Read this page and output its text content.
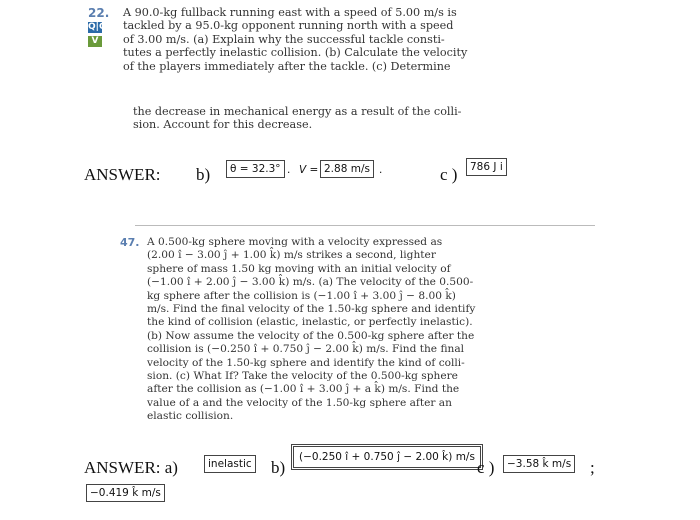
22.
Q|C
V
A 90.0-kg fullback running east with a speed of 5.00 m/s is
tackled by a 95.0-kg opponent running north with a speed
of 3.00 m/s. (a) Explain why the successful tackle consti-
tutes a perfectly inelastic collision. (b) Calculate the velocity
of the players immediately after the tackle. (c) Determine
the decrease in mechanical energy as a result of the colli-
sion. Account for this decrease.
ANSWER: b)	θ = 32.3° . V = 2.88 m/s .	c )	786 J i
47. A 0.500-kg sphere moving with a velocity expressed as
(2.00 î − 3.00 ĵ + 1.00 k̂) m/s strikes a second, lighter
sphere of mass 1.50 kg moving with an initial velocity of
(−1.00 î + 2.00 ĵ − 3.00 k̂) m/s. (a) The velocity of the 0.500-
kg sphere after the collision is (−1.00 î + 3.00 ĵ − 8.00 k̂)
m/s. Find the final velocity of the 1.50-kg sphere and identify
the kind of collision (elastic, inelastic, or perfectly inelastic).
(b) Now assume the velocity of the 0.500-kg sphere after the
collision is (−0.250 î + 0.750 ĵ − 2.00 k̂) m/s. Find the final
velocity of the 1.50-kg sphere and identify the kind of colli-
sion. (c) What If? Take the velocity of the 0.500-kg sphere
after the collision as (−1.00 î + 3.00 ĵ + a k̂) m/s. Find the
value of a and the velocity of the 1.50-kg sphere after an
elastic collision.
ANSWER: a)	inelastic b)
(−0.250 î + 0.750 ĵ − 2.00 k̂) m/s
c )	−3.58 k̂ m/s ;
−0.419 k̂ m/s
